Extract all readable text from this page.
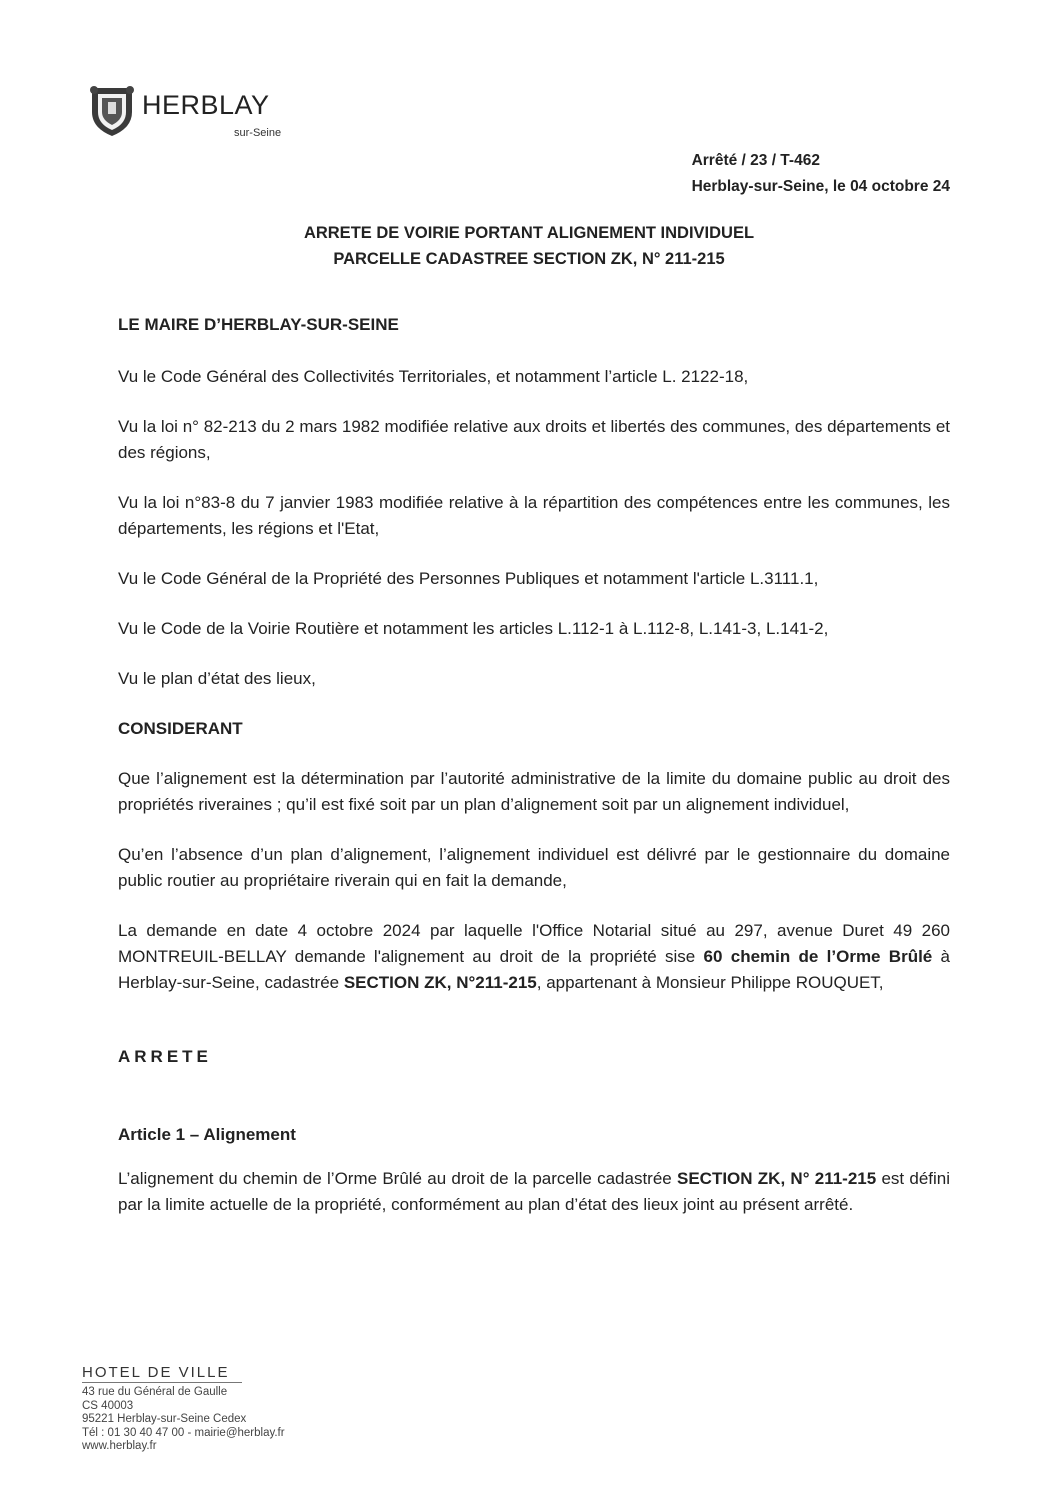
HERBLAY
sur-Seine
Arrêté / 23 / T-462
Herblay-sur-Seine, le 04 octobre 24
ARRETE DE VOIRIE PORTANT ALIGNEMENT INDIVIDUEL
PARCELLE CADASTREE SECTION ZK, N° 211-215

LE MAIRE D’HERBLAY-SUR-SEINE

Vu le Code Général des Collectivités Territoriales, et notamment l’article L. 2122-18,

Vu la loi n° 82-213 du 2 mars 1982 modifiée relative aux droits et libertés des communes, des départements et des régions,

Vu la loi n°83-8 du 7 janvier 1983 modifiée relative à la répartition des compétences entre les communes, les départements, les régions et l'Etat,

Vu le Code Général de la Propriété des Personnes Publiques et notamment l'article L.3111.1,

Vu le Code de la Voirie Routière et notamment les articles L.112-1 à L.112-8, L.141-3, L.141-2,

Vu le plan d’état des lieux,

CONSIDERANT

Que l’alignement est la détermination par l’autorité administrative de la limite du domaine public au droit des propriétés riveraines ; qu’il est fixé soit par un plan d’alignement soit par un alignement individuel,

Qu’en l’absence d’un plan d’alignement, l’alignement individuel est délivré par le gestionnaire du domaine public routier au propriétaire riverain qui en fait la demande,

La demande en date 4 octobre 2024 par laquelle l'Office Notarial situé au 297, avenue Duret 49 260 MONTREUIL-BELLAY demande l'alignement au droit de la propriété sise 60 chemin de l’Orme Brûlé à Herblay-sur-Seine, cadastrée SECTION ZK, N°211-215, appartenant à Monsieur Philippe ROUQUET,

ARRETE

Article 1 – Alignement

L’alignement du chemin de l’Orme Brûlé au droit de la parcelle cadastrée SECTION ZK, N° 211-215 est défini par la limite actuelle de la propriété, conformément au plan d’état des lieux joint au présent arrêté.

HOTEL DE VILLE
43 rue du Général de Gaulle
CS 40003
95221 Herblay-sur-Seine Cedex
Tél : 01 30 40 47 00 - mairie@herblay.fr
www.herblay.fr
